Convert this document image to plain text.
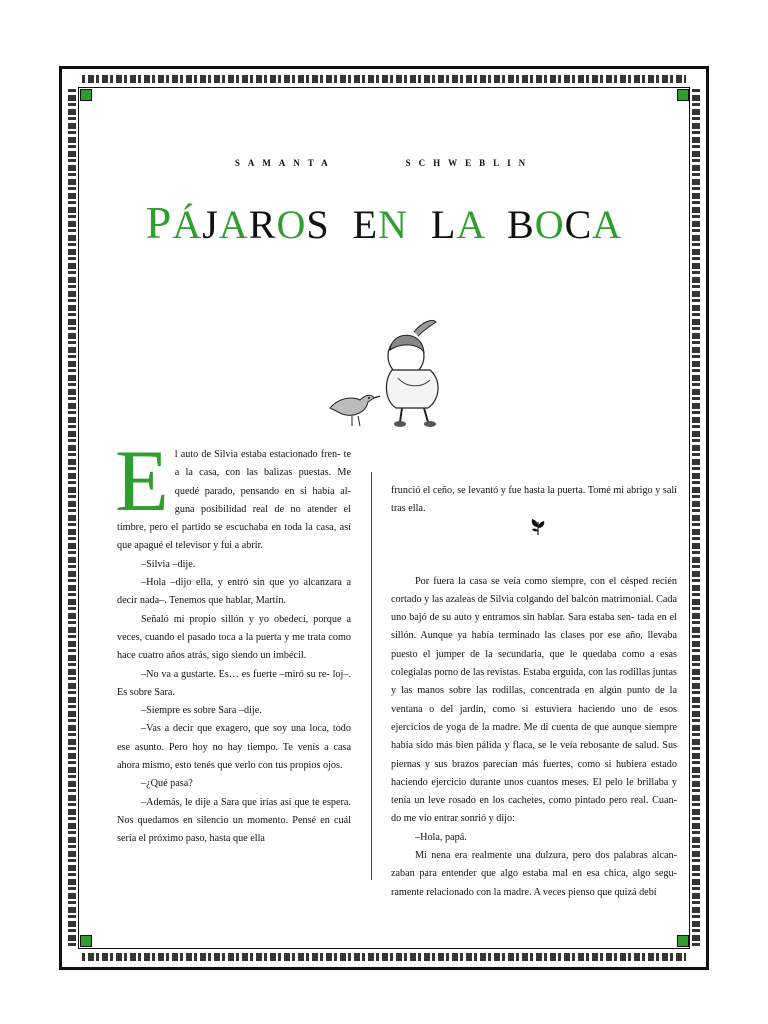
SAMANTA	SCHWEBLIN
PÁJAROS EN LA BOCA

El auto de Silvia estaba estacionado fren- te a la casa, con las balizas puestas. Me quedé parado, pensando en si había al- guna posibilidad real de no atender el timbre, pero el partido se escuchaba en toda la casa, así que apagué el televisor y fui a abrir.

–Silvia –dije.

–Hola –dijo ella, y entró sin que yo alcanzara a decir nada–. Tenemos que hablar, Martín.

Señaló mi propio sillón y yo obedecí, porque a veces, cuando el pasado toca a la puerta y me trata como hace cuatro años atrás, sigo siendo un imbécil.

–No va a gustarte. Es… es fuerte –miró su re- loj–. Es sobre Sara.

–Siempre es sobre Sara –dije.

–Vas a decir que exagero, que soy una loca, todo ese asunto. Pero hoy no hay tiempo. Te venís a casa ahora mismo, esto tenés que verlo con tus propios ojos.

–¿Qué pasa?

–Además, le dije a Sara que irías así que te espera. Nos quedamos en silencio un momento. Pensé en cuál sería el próximo paso, hasta que ella

frunció el ceño, se levantó y fue hasta la puerta. Tomé mi abrigo y salí tras ella.

Por fuera la casa se veía como siempre, con el césped recién cortado y las azaleas de Silvia colgando del balcón matrimonial. Cada uno bajó de su auto y entramos sin hablar. Sara estaba sen- tada en el sillón. Aunque ya había terminado las clases por ese año, llevaba puesto el jumper de la secundaria, que le quedaba como a esas colegialas porno de las revistas. Estaba erguida, con las rodillas juntas y las manos sobre las rodillas, concentrada en algún punto de la ventana o del jardín, como si estuviera haciendo uno de esos ejercicios de yoga de la madre. Me di cuenta de que aunque siempre había sido más bien pálida y flaca, se le veía rebosante de salud. Sus piernas y sus brazos parecían más fuertes, como si hubiera estado haciendo ejercicio durante unos cuantos meses. El pelo le brillaba y tenía un leve rosado en los cachetes, como pintado pero real. Cuan- do me vio entrar sonrió y dijo:

–Hola, papá.

Mi nena era realmente una dulzura, pero dos palabras alcan- zaban para entender que algo estaba mal en esa chica, algo segu- ramente relacionado con la madre. A veces pienso que quizá debí
